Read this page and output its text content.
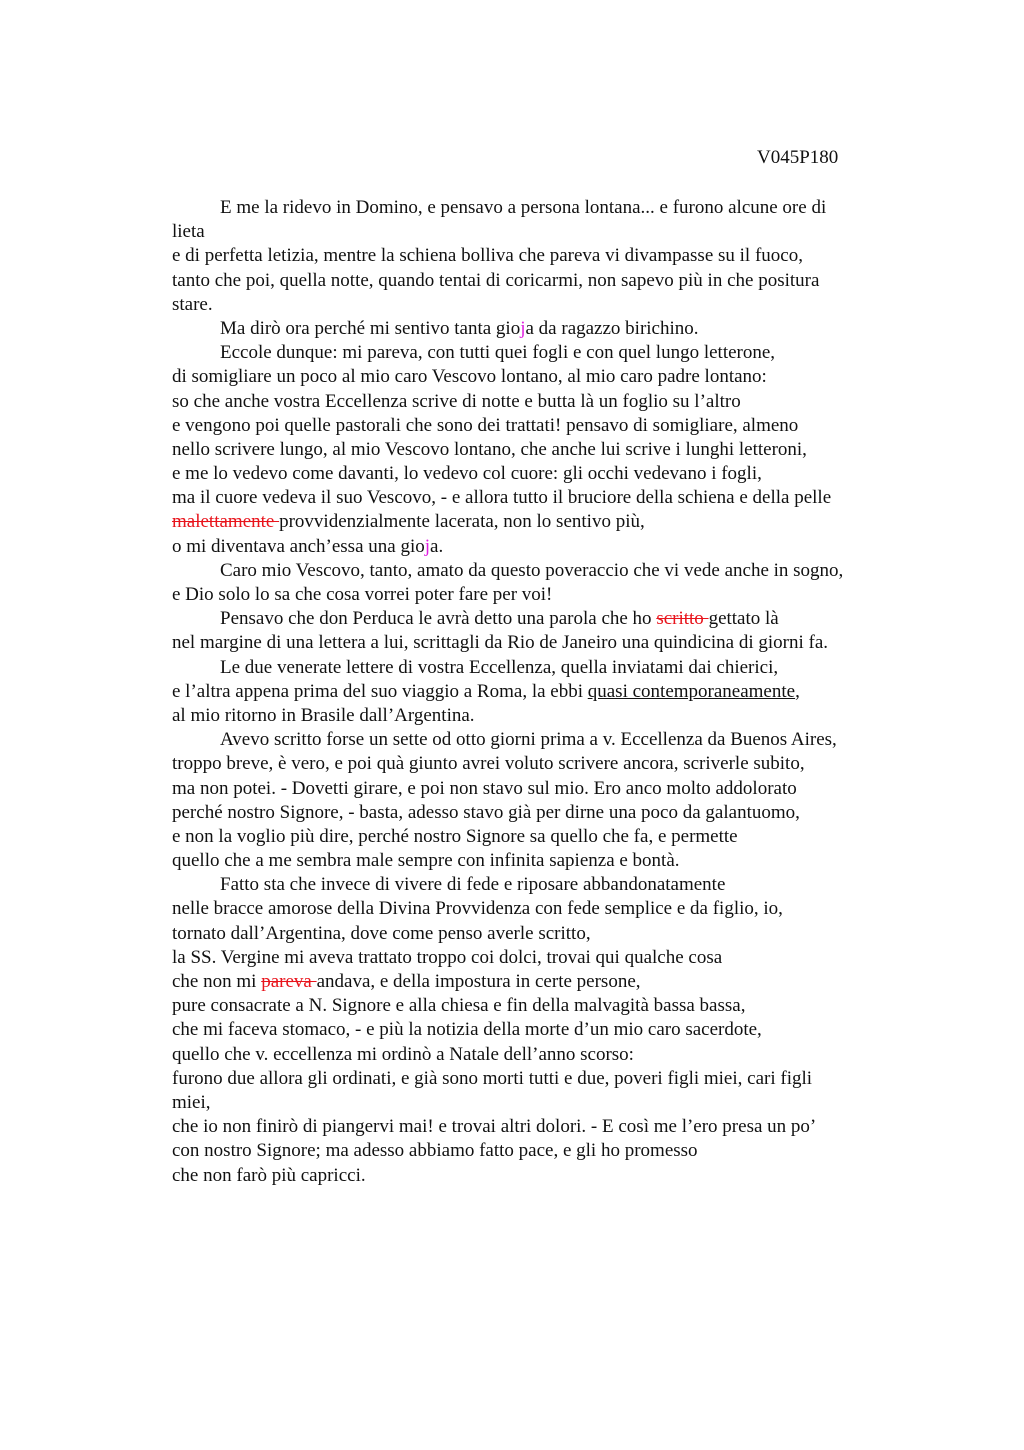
V045P180
E me la ridevo in Domino, e pensavo a persona lontana... e furono alcune ore di
lieta
e di perfetta letizia, mentre la schiena bolliva che pareva vi divampasse su il fuoco,
tanto che poi, quella notte, quando tentai di coricarmi, non sapevo più in che positura
stare.
Ma dirò ora perché mi sentivo tanta gioja da ragazzo birichino.
Eccole dunque: mi pareva, con tutti quei fogli e con quel lungo letterone,
di somigliare un poco al mio caro Vescovo lontano, al mio caro padre lontano:
so che anche vostra Eccellenza scrive di notte e butta là un foglio su l’altro
e vengono poi quelle pastorali che sono dei trattati! pensavo di somigliare, almeno
nello scrivere lungo, al mio Vescovo lontano, che anche lui scrive i lunghi letteroni,
e me lo vedevo come davanti, lo vedevo col cuore: gli occhi vedevano i fogli,
ma il cuore vedeva il suo Vescovo, - e allora tutto il bruciore della schiena e della pelle
malettamente provvidenzialmente lacerata, non lo sentivo più,
o mi diventava anch’essa una gioja.
Caro mio Vescovo, tanto, amato da questo poveraccio che vi vede anche in sogno,
e Dio solo lo sa che cosa vorrei poter fare per voi!
Pensavo che don Perduca le avrà detto una parola che ho scritto gettato là
nel margine di una lettera a lui, scrittagli da Rio de Janeiro una quindicina di giorni fa.
Le due venerate lettere di vostra Eccellenza, quella inviatami dai chierici,
e l’altra appena prima del suo viaggio a Roma, la ebbi quasi contemporaneamente,
al mio ritorno in Brasile dall’Argentina.
Avevo scritto forse un sette od otto giorni prima a v. Eccellenza da Buenos Aires,
troppo breve, è vero, e poi quà giunto avrei voluto scrivere ancora, scriverle subito,
ma non potei. - Dovetti girare, e poi non stavo sul mio. Ero anco molto addolorato
perché nostro Signore, - basta, adesso stavo già per dirne una poco da galantuomo,
e non la voglio più dire, perché nostro Signore sa quello che fa, e permette
quello che a me sembra male sempre con infinita sapienza e bontà.
Fatto sta che invece di vivere di fede e riposare abbandonatamente
nelle bracce amorose della Divina Provvidenza con fede semplice e da figlio, io,
tornato dall’Argentina, dove come penso averle scritto,
la SS. Vergine mi aveva trattato troppo coi dolci, trovai qui qualche cosa
che non mi pareva andava, e della impostura in certe persone,
pure consacrate a N. Signore e alla chiesa e fin della malvagità bassa bassa,
che mi faceva stomaco, - e più la notizia della morte d’un mio caro sacerdote,
quello che v. eccellenza mi ordinò a Natale dell’anno scorso:
furono due allora gli ordinati, e già sono morti tutti e due, poveri figli miei, cari figli
miei,
che io non finirò di piangervi mai! e trovai altri dolori. - E così me l’ero presa un po’
con nostro Signore; ma adesso abbiamo fatto pace, e gli ho promesso
che non farò più capricci.
